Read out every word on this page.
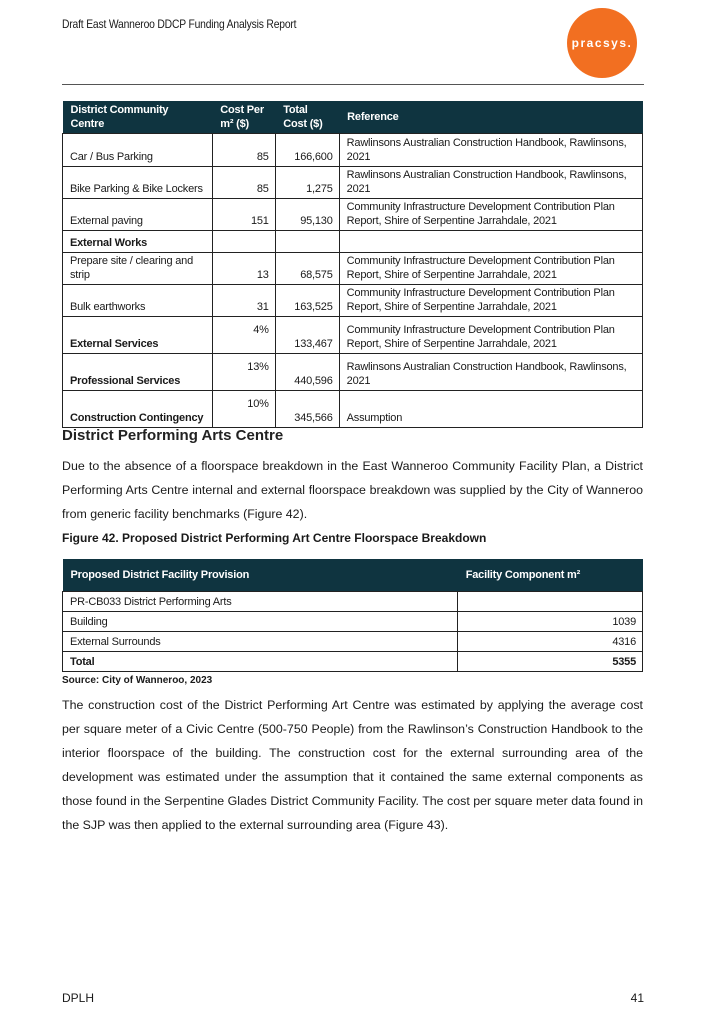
Draft East Wanneroo DDCP Funding Analysis Report
pracsys.
District Community Centre	Cost Per m² ($)	Total Cost ($)	Reference
Car / Bus Parking	85	166,600	Rawlinsons Australian Construction Handbook, Rawlinsons, 2021
Bike Parking & Bike Lockers	85	1,275	Rawlinsons Australian Construction Handbook, Rawlinsons, 2021
External paving	151	95,130	Community Infrastructure Development Contribution Plan Report, Shire of Serpentine Jarrahdale, 2021
External Works			
Prepare site / clearing and strip	13	68,575	Community Infrastructure Development Contribution Plan Report, Shire of Serpentine Jarrahdale, 2021
Bulk earthworks	31	163,525	Community Infrastructure Development Contribution Plan Report, Shire of Serpentine Jarrahdale, 2021
External Services	4%	133,467	Community Infrastructure Development Contribution Plan Report, Shire of Serpentine Jarrahdale, 2021
Professional Services	13%	440,596	Rawlinsons Australian Construction Handbook, Rawlinsons, 2021
Construction Contingency	10%	345,566	Assumption
District Performing Arts Centre
Due to the absence of a floorspace breakdown in the East Wanneroo Community Facility Plan, a District Performing Arts Centre internal and external floorspace breakdown was supplied by the City of Wanneroo from generic facility benchmarks (Figure 42).
Figure 42. Proposed District Performing Art Centre Floorspace Breakdown
Proposed District Facility Provision	Facility Component m²
PR-CB033 District Performing Arts	
Building	1039
External Surrounds	4316
Total	5355
Source: City of Wanneroo, 2023
The construction cost of the District Performing Art Centre was estimated by applying the average cost per square meter of a Civic Centre (500-750 People) from the Rawlinson’s Construction Handbook to the interior floorspace of the building. The construction cost for the external surrounding area of the development was estimated under the assumption that it contained the same external components as those found in the Serpentine Glades District Community Facility. The cost per square meter data found in the SJP was then applied to the external surrounding area (Figure 43).
DPLH	41
